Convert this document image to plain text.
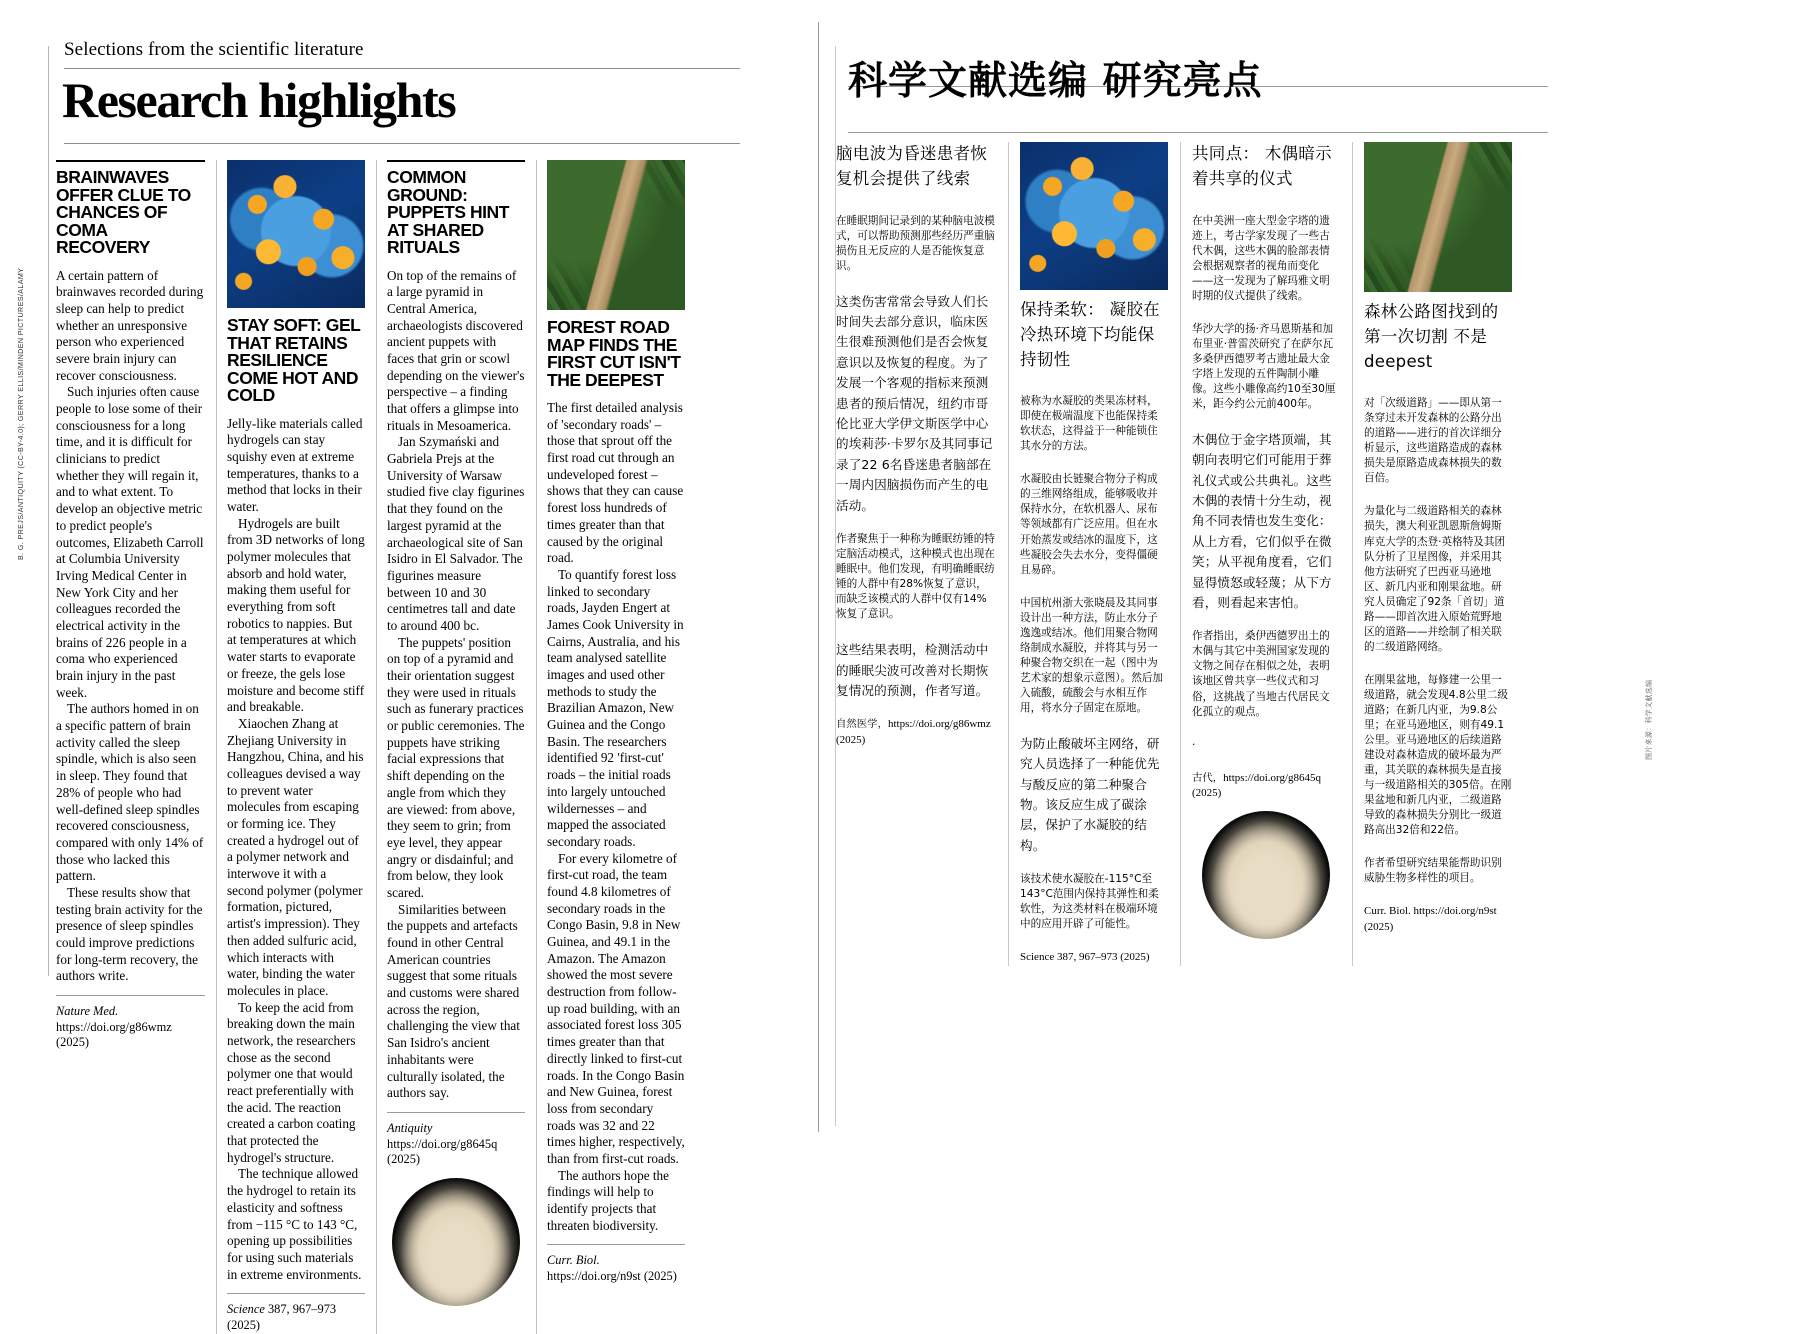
Selections from the scientific literature
Research highlights
BRAINWAVES OFFER CLUE TO CHANCES OF COMA RECOVERY

A certain pattern of brainwaves recorded during sleep can help to predict whether an unresponsive person who experienced severe brain injury can recover consciousness.

Such injuries often cause people to lose some of their consciousness for a long time, and it is difficult for clinicians to predict whether they will regain it, and to what extent. To develop an objective metric to predict people's outcomes, Elizabeth Carroll at Columbia University Irving Medical Center in New York City and her colleagues recorded the electrical activity in the brains of 226 people in a coma who experienced brain injury in the past week.

The authors homed in on a specific pattern of brain activity called the sleep spindle, which is also seen in sleep. They found that 28% of people who had well-defined sleep spindles recovered consciousness, compared with only 14% of those who lacked this pattern.

These results show that testing brain activity for the presence of sleep spindles could improve predictions for long-term recovery, the authors write.

Nature Med. https://doi.org/g86wmz (2025)
STAY SOFT: GEL THAT RETAINS RESILIENCE COME HOT AND COLD

Jelly-like materials called hydrogels can stay squishy even at extreme temperatures, thanks to a method that locks in their water.

Hydrogels are built from 3D networks of long polymer molecules that absorb and hold water, making them useful for everything from soft robotics to nappies. But at temperatures at which water starts to evaporate or freeze, the gels lose moisture and become stiff and breakable.

Xiaochen Zhang at Zhejiang University in Hangzhou, China, and his colleagues devised a way to prevent water molecules from escaping or forming ice. They created a hydrogel out of a polymer network and interwove it with a second polymer (polymer formation, pictured, artist's impression). They then added sulfuric acid, which interacts with water, binding the water molecules in place.

To keep the acid from breaking down the main network, the researchers chose as the second polymer one that would react preferentially with the acid. The reaction created a carbon coating that protected the hydrogel's structure.

The technique allowed the hydrogel to retain its elasticity and softness from −115 °C to 143 °C, opening up possibilities for using such materials in extreme environments.

Science 387, 967–973 (2025)
COMMON GROUND: PUPPETS HINT AT SHARED RITUALS

On top of the remains of a large pyramid in Central America, archaeologists discovered ancient puppets with faces that grin or scowl depending on the viewer's perspective – a finding that offers a glimpse into rituals in Mesoamerica.

Jan Szymański and Gabriela Prejs at the University of Warsaw studied five clay figurines that they found on the largest pyramid at the archaeological site of San Isidro in El Salvador. The figurines measure between 10 and 30 centimetres tall and date to around 400 bc.

The puppets' position on top of a pyramid and their orientation suggest they were used in rituals such as funerary practices or public ceremonies. The puppets have striking facial expressions that shift depending on the angle from which they are viewed: from above, they seem to grin; from eye level, they appear angry or disdainful; and from below, they look scared.

Similarities between the puppets and artefacts found in other Central American countries suggest that some rituals and customs were shared across the region, challenging the view that San Isidro's ancient inhabitants were culturally isolated, the authors say.

Antiquity https://doi.org/g8645q (2025)
FOREST ROAD MAP FINDS THE FIRST CUT ISN'T THE DEEPEST

The first detailed analysis of 'secondary roads' – those that sprout off the first road cut through an undeveloped forest – shows that they can cause forest loss hundreds of times greater than that caused by the original road.

To quantify forest loss linked to secondary roads, Jayden Engert at James Cook University in Cairns, Australia, and his team analysed satellite images and used other methods to study the Brazilian Amazon, New Guinea and the Congo Basin. The researchers identified 92 'first-cut' roads – the initial roads into largely untouched wildernesses – and mapped the associated secondary roads.

For every kilometre of first-cut road, the team found 4.8 kilometres of secondary roads in the Congo Basin, 9.8 in New Guinea, and 49.1 in the Amazon. The Amazon showed the most severe destruction from follow-up road building, with an associated forest loss 305 times greater than that directly linked to first-cut roads. In the Congo Basin and New Guinea, forest loss from secondary roads was 32 and 22 times higher, respectively, than from first-cut roads.

The authors hope the findings will help to identify projects that threaten biodiversity.

Curr. Biol. https://doi.org/n9st (2025)
B. G. PREJS/ANTIQUITY (CC-BY-4.0); GERRY ELLIS/MINDEN PICTURES/ALAMY
科学文献选编 研究亮点
脑电波为昏迷患者恢复机会提供了线索

在睡眠期间记录到的某种脑电波模式，可以帮助预测那些经历严重脑损伤且无反应的人是否能恢复意识。

这类伤害常常会导致人们长时间失去部分意识，临床医生很难预测他们是否会恢复意识以及恢复的程度。为了发展一个客观的指标来预测患者的预后情况，纽约市哥伦比亚大学伊文斯医学中心的埃莉莎·卡罗尔及其同事记录了22 6名昏迷患者脑部在一周内因脑损伤而产生的电活动。

作者聚焦于一种称为睡眠纺锤的特定脑活动模式，这种模式也出现在睡眠中。他们发现，有明确睡眠纺锤的人群中有28%恢复了意识，而缺乏该模式的人群中仅有14%恢复了意识。

这些结果表明，检测活动中的睡眠尖波可改善对长期恢复情况的预测，作者写道。

自然医学，https://doi.org/g86wmz (2025)
保持柔软： 凝胶在冷热环境下均能保持韧性

被称为水凝胶的类果冻材料，即使在极端温度下也能保持柔软状态，这得益于一种能锁住其水分的方法。

水凝胶由长链聚合物分子构成的三维网络组成，能够吸收并保持水分，在软机器人、尿布等领域都有广泛应用。但在水开始蒸发或结冰的温度下，这些凝胶会失去水分，变得僵硬且易碎。

中国杭州浙大张晓晨及其同事设计出一种方法，防止水分子逸逸或结冰。他们用聚合物网络制成水凝胶，并将其与另一种聚合物交织在一起（图中为艺术家的想象示意图）。然后加入硫酸，硫酸会与水相互作用，将水分子固定在原地。

为防止酸破坏主网络，研究人员选择了一种能优先与酸反应的第二种聚合物。该反应生成了碳涂层，保护了水凝胶的结构。

该技术使水凝胶在-115°C至143°C范围内保持其弹性和柔软性，为这类材料在极端环境中的应用开辟了可能性。

Science 387, 967–973 (2025)
共同点： 木偶暗示着共享的仪式

在中美洲一座大型金字塔的遗迹上，考古学家发现了一些古代木偶，这些木偶的脸部表情会根据观察者的视角而变化——这一发现为了解玛雅文明时期的仪式提供了线索。

华沙大学的扬·齐马恩斯基和加布里亚·普雷茨研究了在萨尔瓦多桑伊西德罗考古遗址最大金字塔上发现的五件陶制小雕像。这些小雕像高约10至30厘米，距今约公元前400年。

木偶位于金字塔顶端，其朝向表明它们可能用于葬礼仪式或公共典礼。这些木偶的表情十分生动，视角不同表情也发生变化：从上方看，它们似乎在微笑；从平视角度看，它们显得愤怒或轻蔑；从下方看，则看起来害怕。

作者指出，桑伊西德罗出土的木偶与其它中美洲国家发现的文物之间存在相似之处，表明该地区曾共享一些仪式和习俗，这挑战了当地古代居民文化孤立的观点。

·

古代，https://doi.org/g8645q (2025)
森林公路图找到的第一次切割 不是 deepest

对「次级道路」——即从第一条穿过未开发森林的公路分出的道路——进行的首次详细分析显示，这些道路造成的森林损失是原路造成森林损失的数百倍。

为量化与二级道路相关的森林损失，澳大利亚凯恩斯詹姆斯库克大学的杰登·英格特及其团队分析了卫星图像，并采用其他方法研究了巴西亚马逊地区、新几内亚和刚果盆地。研究人员确定了92条「首切」道路——即首次进入原始荒野地区的道路——并绘制了相关联的二级道路网络。

在刚果盆地，每修建一公里一级道路，就会发现4.8公里二级道路；在新几内亚，为9.8公里；在亚马逊地区，则有49.1公里。亚马逊地区的后续道路建设对森林造成的破坏最为严重，其关联的森林损失是直接与一级道路相关的305倍。在刚果盆地和新几内亚，二级道路导致的森林损失分别比一级道路高出32倍和22倍。

作者希望研究结果能帮助识别威胁生物多样性的项目。

Curr. Biol. https://doi.org/n9st (2025)
图片来源：科学文献选编
